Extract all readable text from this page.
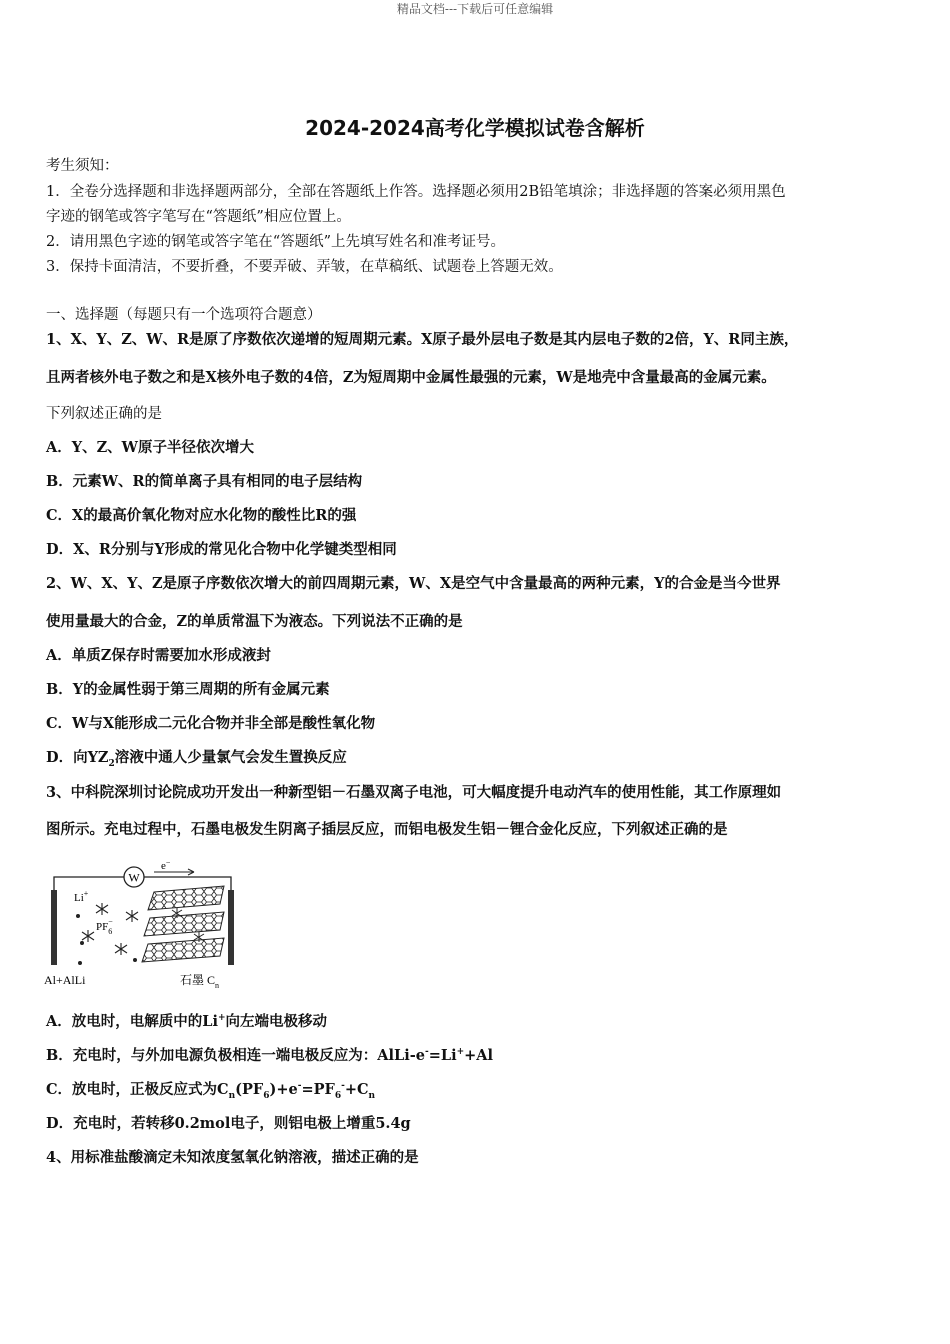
精品文档---下载后可任意编辑
2024-2024高考化学模拟试卷含解析
考生须知：
1．全卷分选择题和非选择题两部分，全部在答题纸上作答。选择题必须用2B铅笔填涂；非选择题的答案必须用黑色
字迹的钢笔或答字笔写在“答题纸”相应位置上。
2．请用黑色字迹的钢笔或答字笔在“答题纸”上先填写姓名和准考证号。
3．保持卡面清洁，不要折叠，不要弄破、弄皱，在草稿纸、试题卷上答题无效。
一、选择题（每题只有一个选项符合题意）
1、X、Y、Z、W、R是原了序数依次递增的短周期元素。X原子最外层电子数是其内层电子数的2倍，Y、R同主族，
且两者核外电子数之和是X核外电子数的4倍，Z为短周期中金属性最强的元素，W是地壳中含量最高的金属元素。
下列叙述正确的是
A．Y、Z、W原子半径依次增大
B．元素W、R的简单离子具有相同的电子层结构
C．X的最高价氧化物对应水化物的酸性比R的强
D．X、R分别与Y形成的常见化合物中化学键类型相同
2、W、X、Y、Z是原子序数依次增大的前四周期元素，W、X是空气中含量最高的两种元素，Y的合金是当今世界
使用量最大的合金，Z的单质常温下为液态。下列说法不正确的是
A．单质Z保存时需要加水形成液封
B．Y的金属性弱于第三周期的所有金属元素
C．W与X能形成二元化合物并非全部是酸性氧化物
D．向$YZ_2$溶液中通人少量氯气会发生置换反应
3、中科院深圳讨论院成功开发出一种新型铝－石墨双离子电池，可大幅度提升电动汽车的使用性能，其工作原理如
图所示。充电过程中，石墨电极发生阴离子插层反应，而铝电极发生铝－锂合金化反应，下列叙述正确的是
W
e−
Li+
$PF_6-$
Al+AlLi	石墨 $C_n$
A．放电时，电解质中的Li+向左端电极移动
B．充电时，与外加电源负极相连一端电极反应为：AlLi-e-=Li++Al
C．放电时，正极反应式为$C_n(PF_6)+e^-=PF_6^-+C_n$
D．充电时，若转移0.2mol电子，则铝电极上增重5.4g
4、用标准盐酸滴定未知浓度氢氧化钠溶液，描述正确的是
